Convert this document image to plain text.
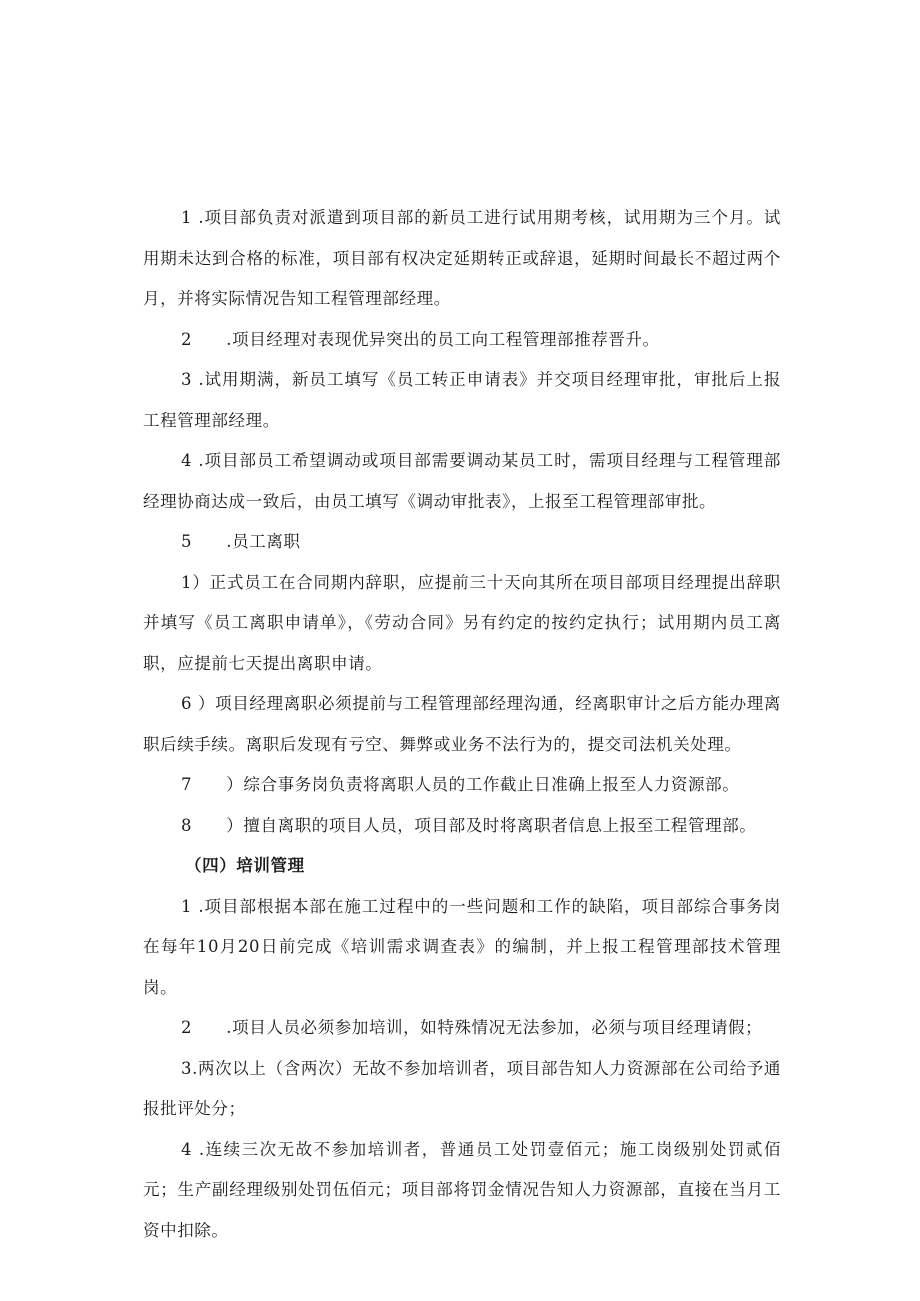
1 .项目部负责对派遣到项目部的新员工进行试用期考核，试用期为三个月。试用期未达到合格的标准，项目部有权决定延期转正或辞退，延期时间最长不超过两个月，并将实际情况告知工程管理部经理。

2　　.项目经理对表现优异突出的员工向工程管理部推荐晋升。

3 .试用期满，新员工填写《员工转正申请表》并交项目经理审批，审批后上报工程管理部经理。

4 .项目部员工希望调动或项目部需要调动某员工时，需项目经理与工程管理部经理协商达成一致后，由员工填写《调动审批表》，上报至工程管理部审批。

5　　.员工离职

1）正式员工在合同期内辞职，应提前三十天向其所在项目部项目经理提出辞职并填写《员工离职申请单》，《劳动合同》另有约定的按约定执行；试用期内员工离职，应提前七天提出离职申请。

6 ）项目经理离职必须提前与工程管理部经理沟通，经离职审计之后方能办理离职后续手续。离职后发现有亏空、舞弊或业务不法行为的，提交司法机关处理。

7　　）综合事务岗负责将离职人员的工作截止日准确上报至人力资源部。

8　　）擅自离职的项目人员，项目部及时将离职者信息上报至工程管理部。

（四）培训管理

1 .项目部根据本部在施工过程中的一些问题和工作的缺陷，项目部综合事务岗在每年10月20日前完成《培训需求调查表》的编制，并上报工程管理部技术管理岗。

2　　.项目人员必须参加培训，如特殊情况无法参加，必须与项目经理请假；

3.两次以上（含两次）无故不参加培训者，项目部告知人力资源部在公司给予通报批评处分；

4 .连续三次无故不参加培训者，普通员工处罚壹佰元；施工岗级别处罚贰佰元；生产副经理级别处罚伍佰元；项目部将罚金情况告知人力资源部，直接在当月工资中扣除。
